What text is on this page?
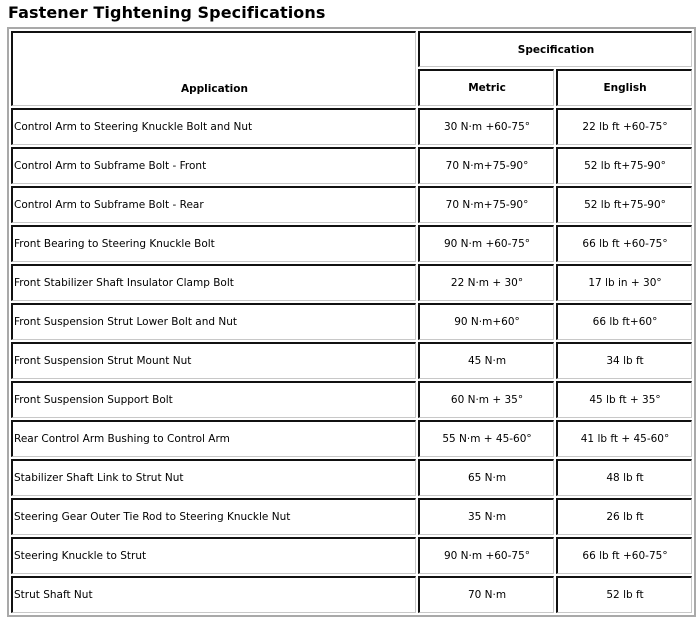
Fastener Tightening Specifications
Application	Specification	
	Metric	English
Control Arm to Steering Knuckle Bolt and Nut	30 N·m +60-75°	22 lb ft +60-75°
Control Arm to Subframe Bolt - Front	70 N·m+75-90°	52 lb ft+75-90°
Control Arm to Subframe Bolt - Rear	70 N·m+75-90°	52 lb ft+75-90°
Front Bearing to Steering Knuckle Bolt	90 N·m +60-75°	66 lb ft +60-75°
Front Stabilizer Shaft Insulator Clamp Bolt	22 N·m + 30°	17 lb in + 30°
Front Suspension Strut Lower Bolt and Nut	90 N·m+60°	66 lb ft+60°
Front Suspension Strut Mount Nut	45 N·m	34 lb ft
Front Suspension Support Bolt	60 N·m + 35°	45 lb ft + 35°
Rear Control Arm Bushing to Control Arm	55 N·m + 45-60°	41 lb ft + 45-60°
Stabilizer Shaft Link to Strut Nut	65 N·m	48 lb ft
Steering Gear Outer Tie Rod to Steering Knuckle Nut	35 N·m	26 lb ft
Steering Knuckle to Strut	90 N·m +60-75°	66 lb ft +60-75°
Strut Shaft Nut	70 N·m	52 lb ft
